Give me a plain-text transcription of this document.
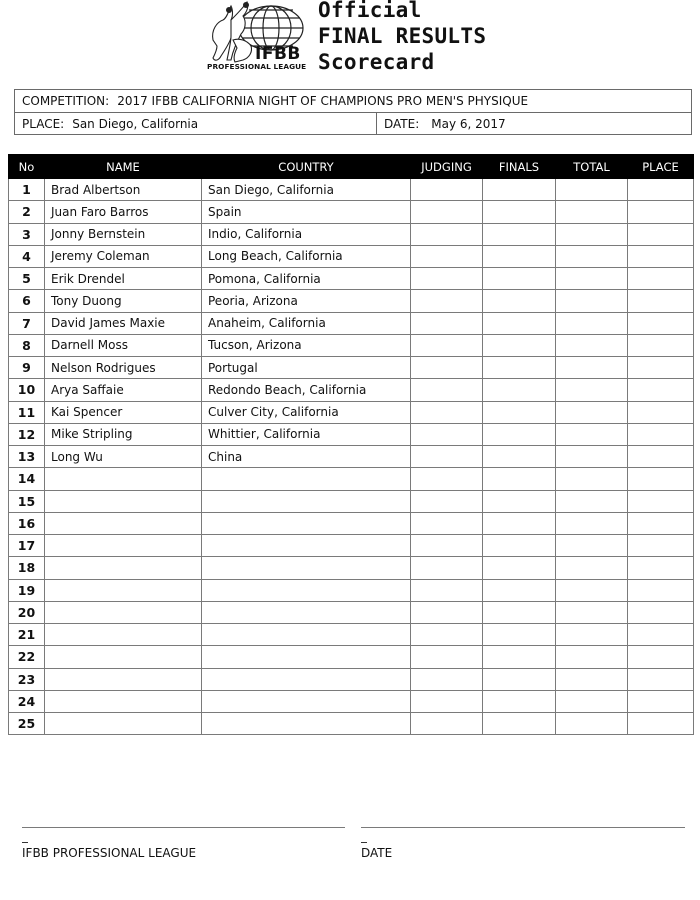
IFBB
PROFESSIONAL LEAGUE
Official
FINAL RESULTS
Scorecard
COMPETITION: 2017 IFBB CALIFORNIA NIGHT OF CHAMPIONS PRO MEN'S PHYSIQUE
PLACE: San Diego, California	DATE: May 6, 2017
No	NAME	COUNTRY	JUDGING	FINALS	TOTAL	PLACE
1	Brad Albertson	San Diego, California				
2	Juan Faro Barros	Spain				
3	Jonny Bernstein	Indio, California				
4	Jeremy Coleman	Long Beach, California				
5	Erik Drendel	Pomona, California				
6	Tony Duong	Peoria, Arizona				
7	David James Maxie	Anaheim, California				
8	Darnell Moss	Tucson, Arizona				
9	Nelson Rodrigues	Portugal				
10	Arya Saffaie	Redondo Beach, California				
11	Kai Spencer	Culver City, California				
12	Mike Stripling	Whittier, California				
13	Long Wu	China				
14						
15						
16						
17						
18						
19						
20						
21						
22						
23						
24						
25						
IFBB PROFESSIONAL LEAGUE	DATE
